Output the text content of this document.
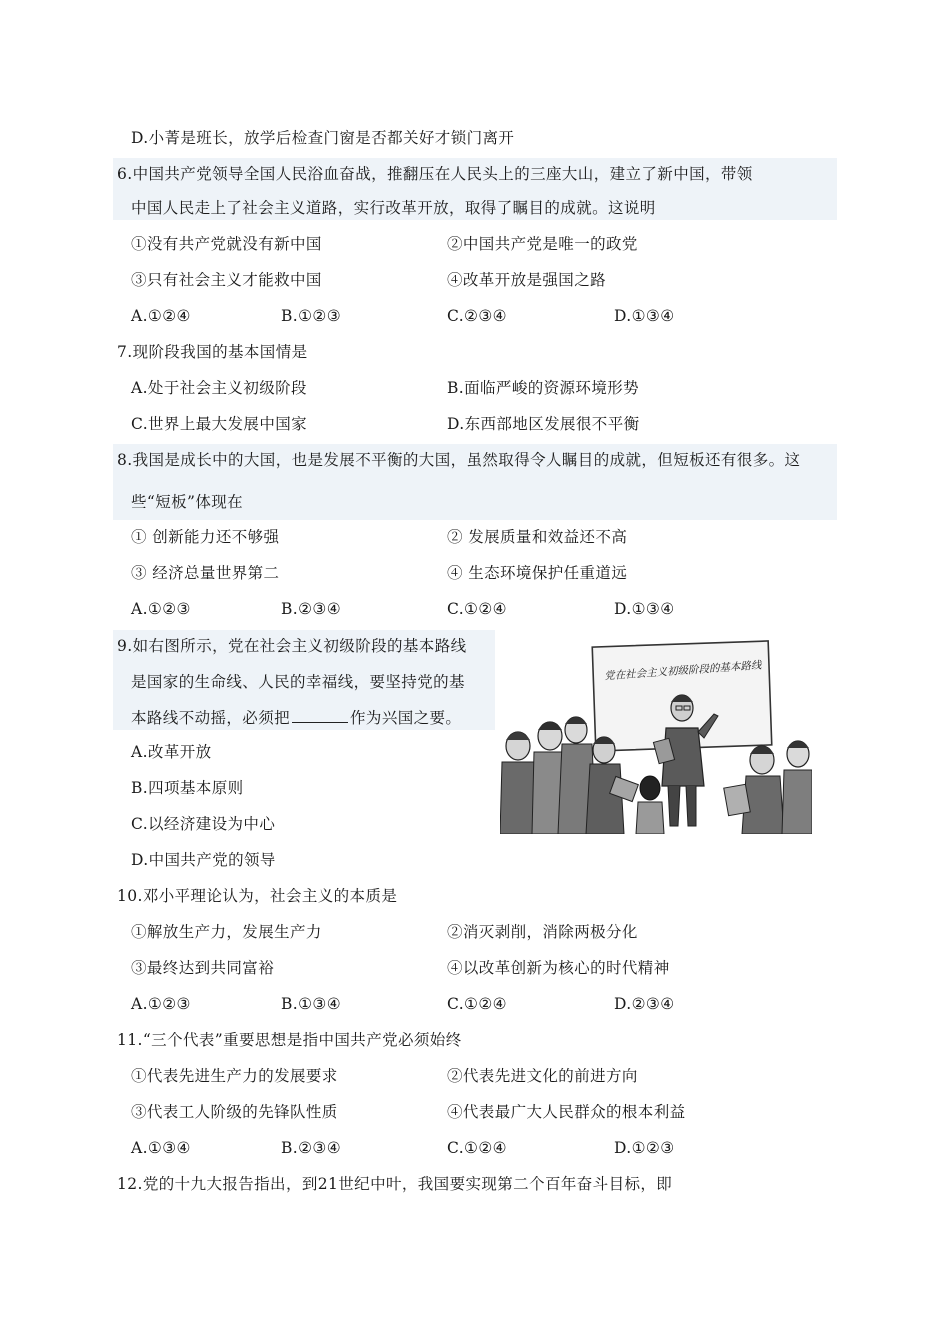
D.小菁是班长，放学后检查门窗是否都关好才锁门离开
6.中国共产党领导全国人民浴血奋战，推翻压在人民头上的三座大山，建立了新中国，带领
中国人民走上了社会主义道路，实行改革开放，取得了瞩目的成就。这说明
①没有共产党就没有新中国	②中国共产党是唯一的政党
③只有社会主义才能救中国	④改革开放是强国之路
A.①②④	B.①②③	C.②③④	D.①③④
7.现阶段我国的基本国情是
A.处于社会主义初级阶段	B.面临严峻的资源环境形势
C.世界上最大发展中国家	D.东西部地区发展很不平衡
8.我国是成长中的大国，也是发展不平衡的大国，虽然取得令人瞩目的成就，但短板还有很多。这
些“短板”体现在
① 创新能力还不够强	② 发展质量和效益还不高
③ 经济总量世界第二	④ 生态环境保护任重道远
A.①②③	B.②③④	C.①②④	D.①③④
9.如右图所示，党在社会主义初级阶段的基本路线
是国家的生命线、人民的幸福线，要坚持党的基
本路线不动摇，必须把	作为兴国之要。
A.改革开放
B.四项基本原则
C.以经济建设为中心
D.中国共产党的领导
党在社会主义初级阶段的基本路线
10.邓小平理论认为，社会主义的本质是
①解放生产力，发展生产力	②消灭剥削，消除两极分化
③最终达到共同富裕	④以改革创新为核心的时代精神
A.①②③	B.①③④	C.①②④	D.②③④
11.“三个代表”重要思想是指中国共产党必须始终
①代表先进生产力的发展要求	②代表先进文化的前进方向
③代表工人阶级的先锋队性质	④代表最广大人民群众的根本利益
A.①③④	B.②③④	C.①②④	D.①②③
12.党的十九大报告指出，到21世纪中叶，我国要实现第二个百年奋斗目标，即
